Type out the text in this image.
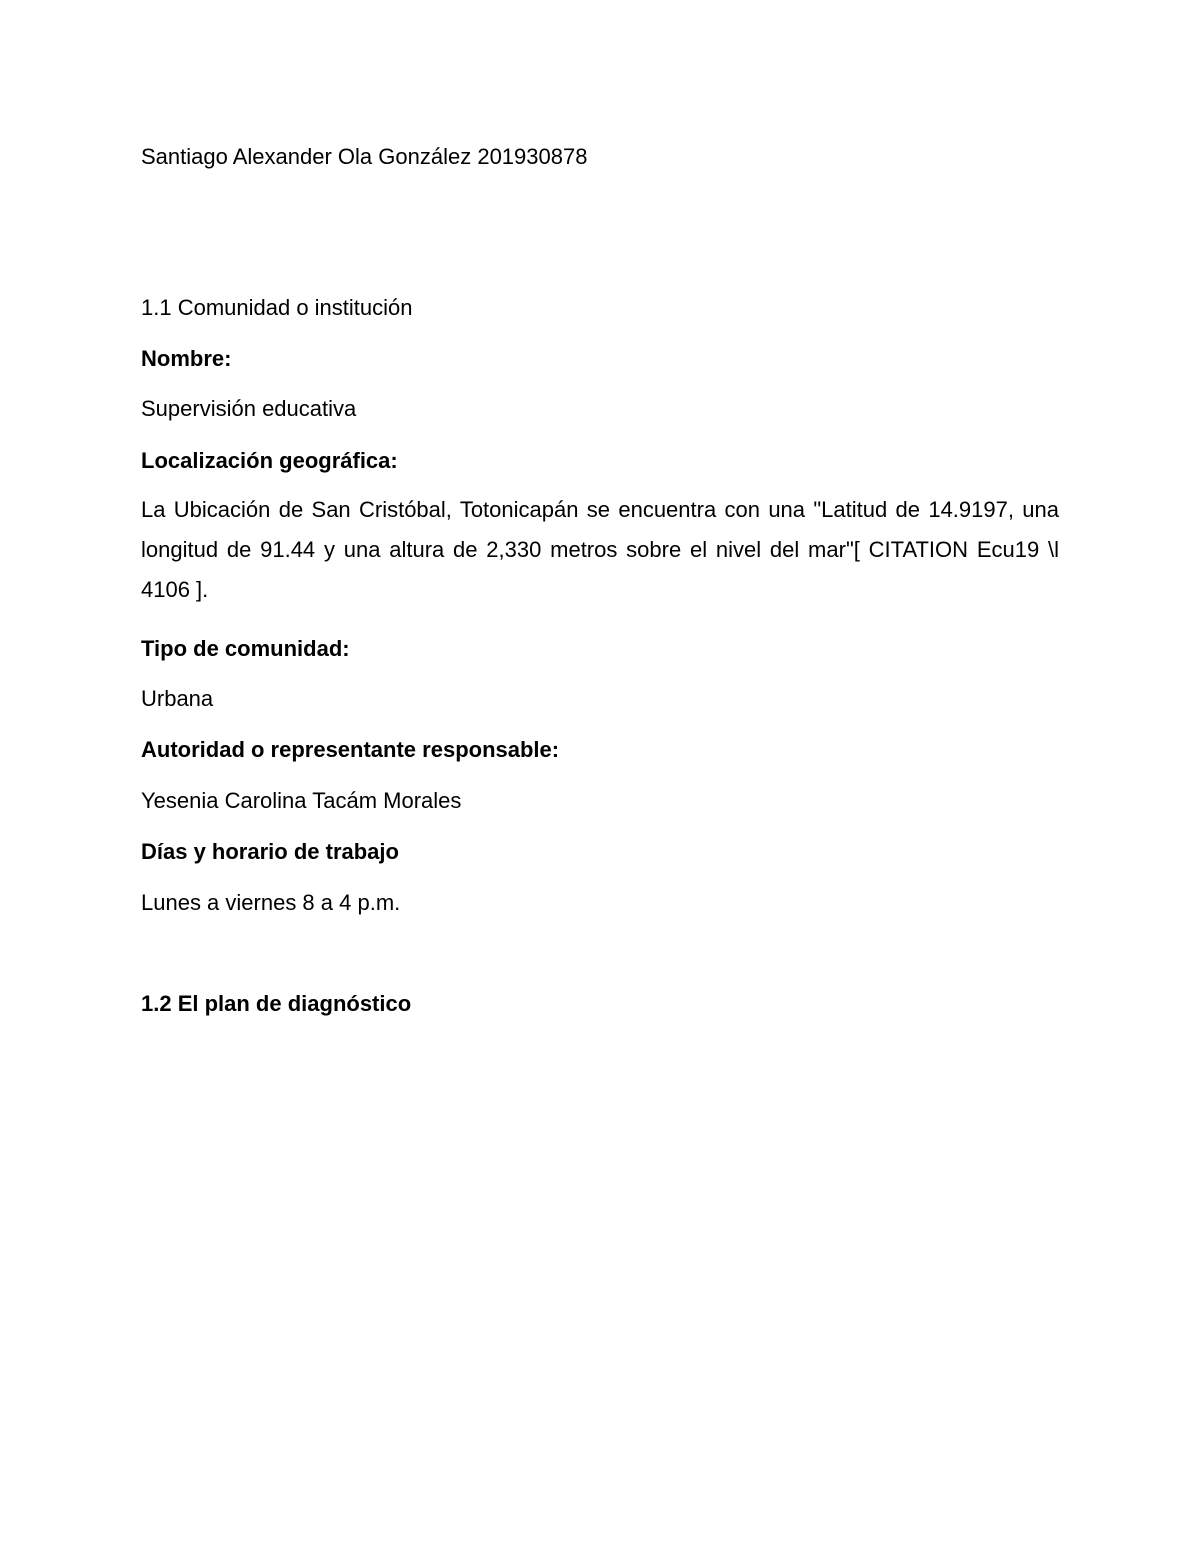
Santiago Alexander Ola González 201930878
1.1 Comunidad o institución
Nombre:
Supervisión educativa
Localización geográfica:
La Ubicación de San Cristóbal, Totonicapán se encuentra con una "Latitud de 14.9197, una longitud de 91.44 y una altura de 2,330 metros sobre el nivel del mar"[ CITATION Ecu19 \l 4106 ].
Tipo de comunidad:
Urbana
Autoridad o representante responsable:
Yesenia Carolina Tacám Morales
Días y horario de trabajo
Lunes a viernes 8 a 4 p.m.
1.2 El plan de diagnóstico
